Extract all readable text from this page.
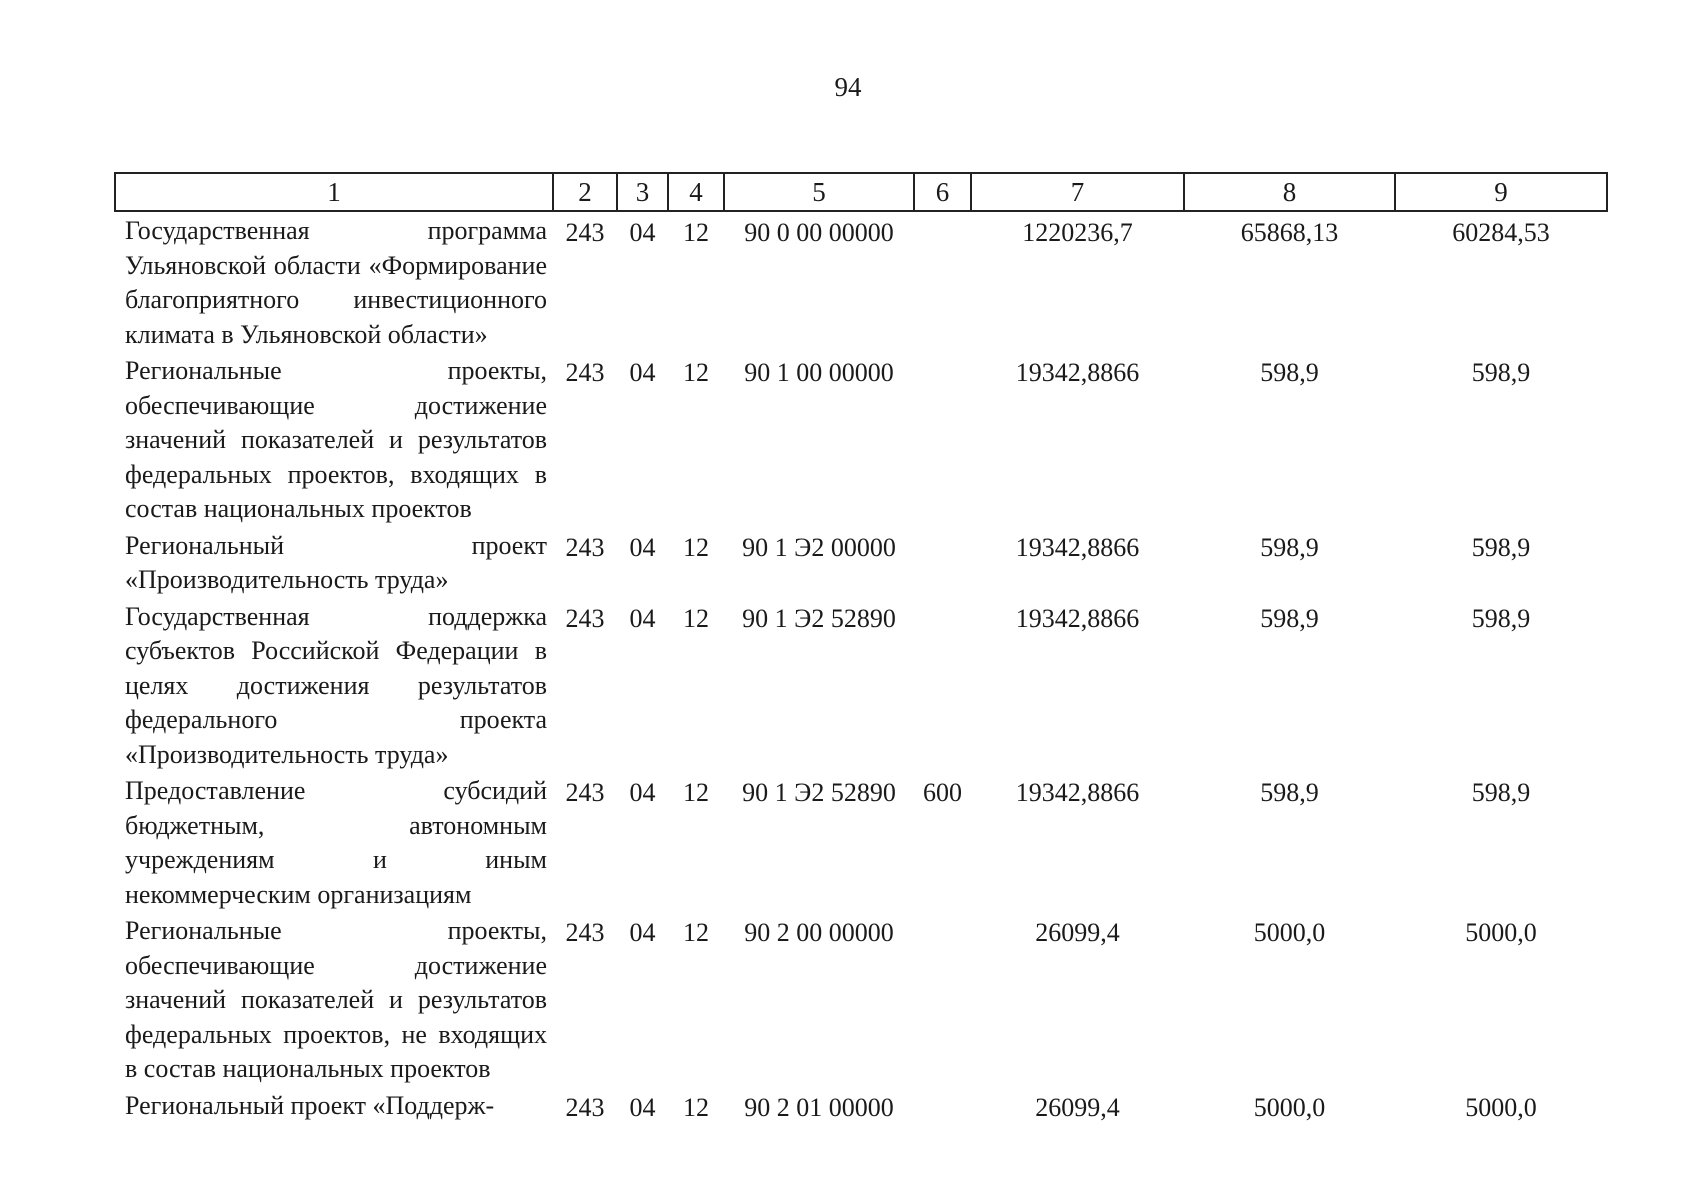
94
1	2	3	4	5	6	7	8	9
Государственная программа Ульяновской области «Формирование благоприятного инвестиционного климата в Ульяновской области»	243	04	12	90 0 00 00000		1220236,7	65868,13	60284,53
Региональные проекты, обеспечивающие достижение значений показателей и результатов федеральных проектов, входящих в состав национальных проектов	243	04	12	90 1 00 00000		19342,8866	598,9	598,9
Региональный проект «Производительность труда»	243	04	12	90 1 Э2 00000		19342,8866	598,9	598,9
Государственная поддержка субъектов Российской Федерации в целях достижения результатов федерального проекта «Производительность труда»	243	04	12	90 1 Э2 52890		19342,8866	598,9	598,9
Предоставление субсидий бюджетным, автономным учреждениям и иным некоммерческим организациям	243	04	12	90 1 Э2 52890	600	19342,8866	598,9	598,9
Региональные проекты, обеспечивающие достижение значений показателей и результатов федеральных проектов, не входящих в состав национальных проектов	243	04	12	90 2 00 00000		26099,4	5000,0	5000,0
Региональный проект «Поддерж-	243	04	12	90 2 01 00000		26099,4	5000,0	5000,0
